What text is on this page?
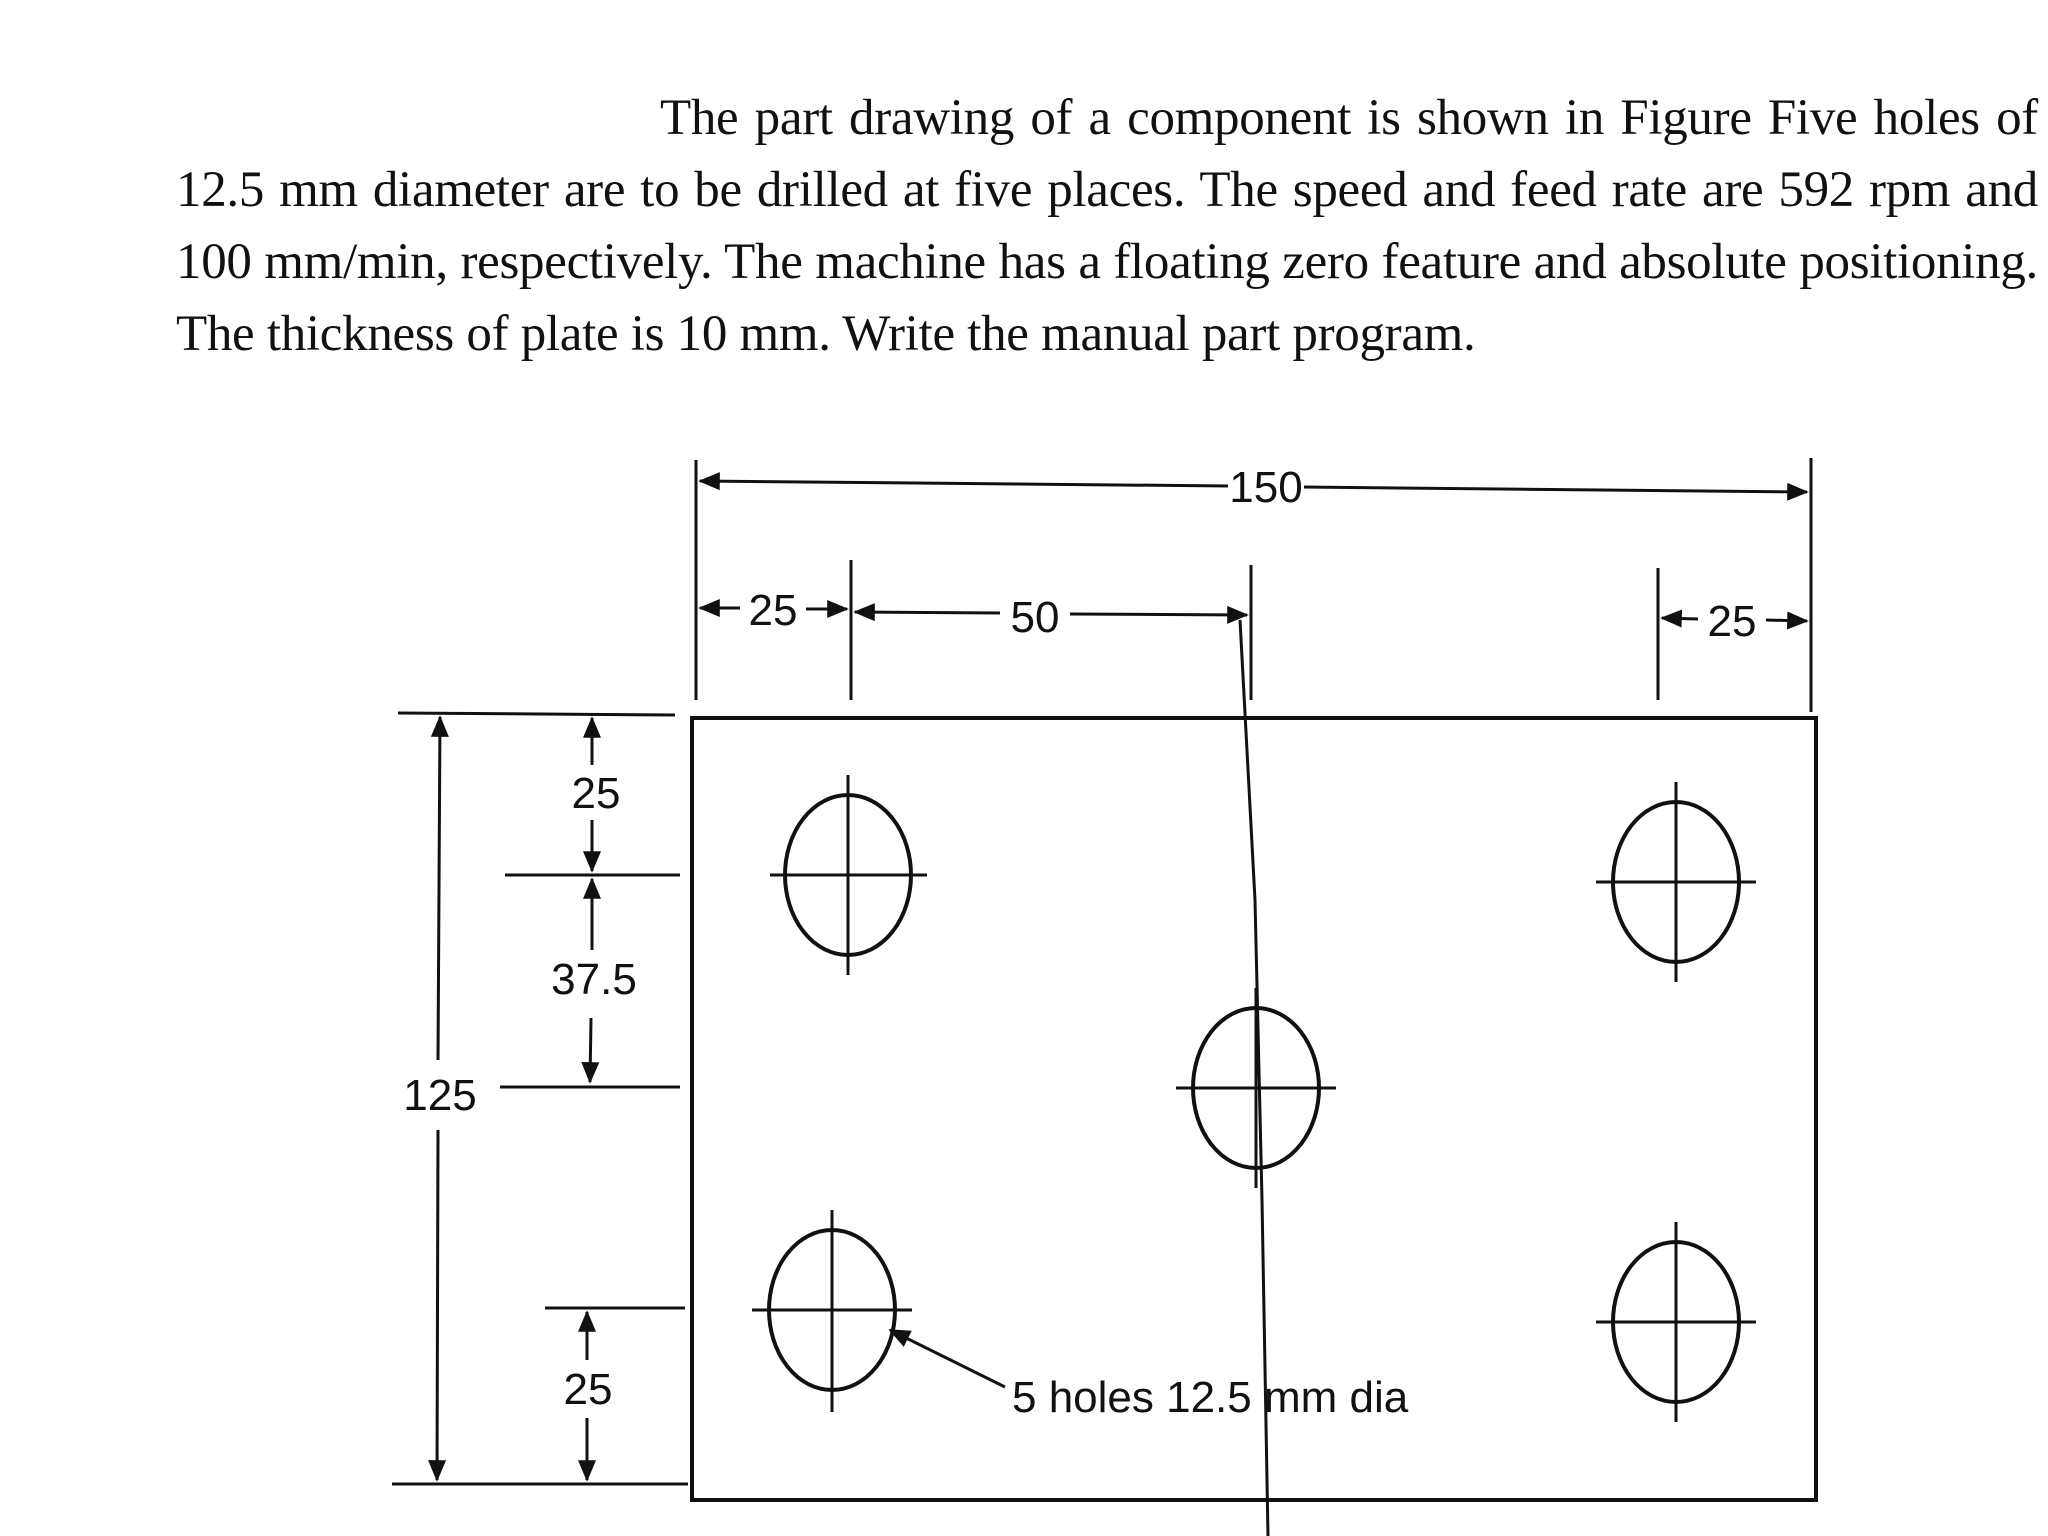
The part drawing of a component is shown in Figure Five holes of 12.5 mm diameter are to be drilled at five places. The speed and feed rate are 592 rpm and 100 mm/min, respectively. The machine has a floating zero feature and absolute positioning. The thickness of plate is 10 mm. Write the manual part program.

150
25	50	25
125
25
37.5
25	5 holes 12.5 mm dia
